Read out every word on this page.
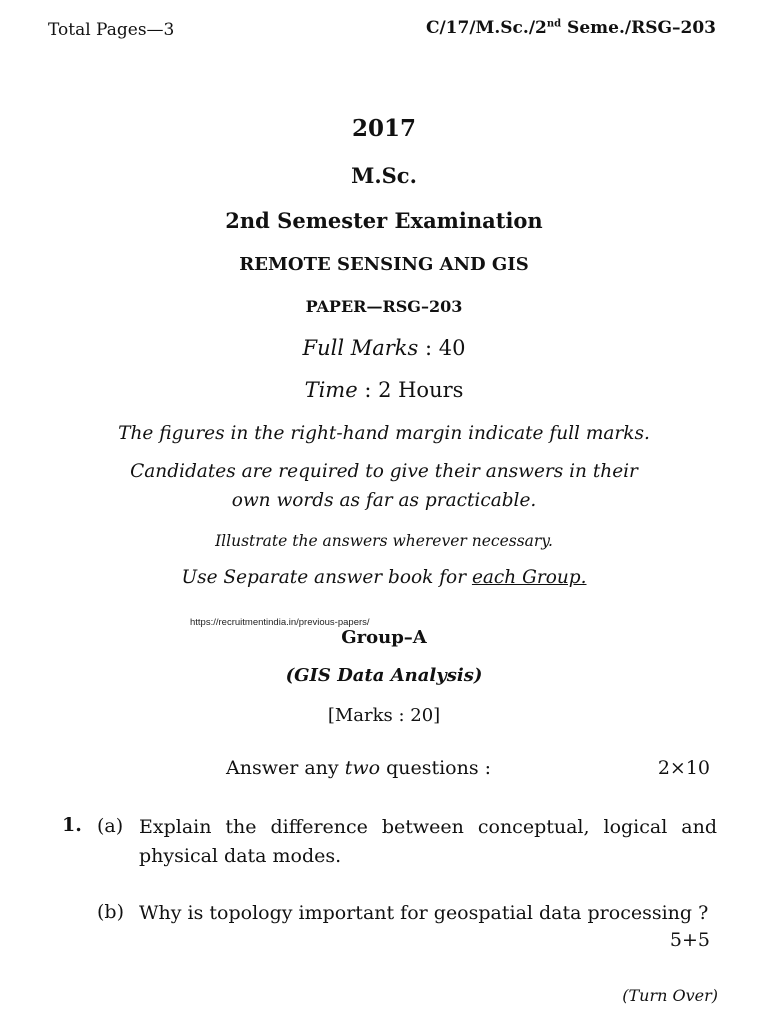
Total Pages—3	C/17/M.Sc./2nd Seme./RSG–203
2017
M.Sc.
2nd Semester Examination
REMOTE SENSING AND GIS
PAPER—RSG–203
Full Marks : 40
Time : 2 Hours
The figures in the right-hand margin indicate full marks.
Candidates are required to give their answers in their
own words as far as practicable.
Illustrate the answers wherever necessary.
Use Separate answer book for each Group.
https://recruitmentindia.in/previous-papers/
Group–A
(GIS Data Analysis)
[Marks : 20]
Answer any two questions :	2×10
1. (a) Explain the difference between conceptual, logical and physical data modes.
(b) Why is topology important for geospatial data processing ?
5+5
(Turn Over)
